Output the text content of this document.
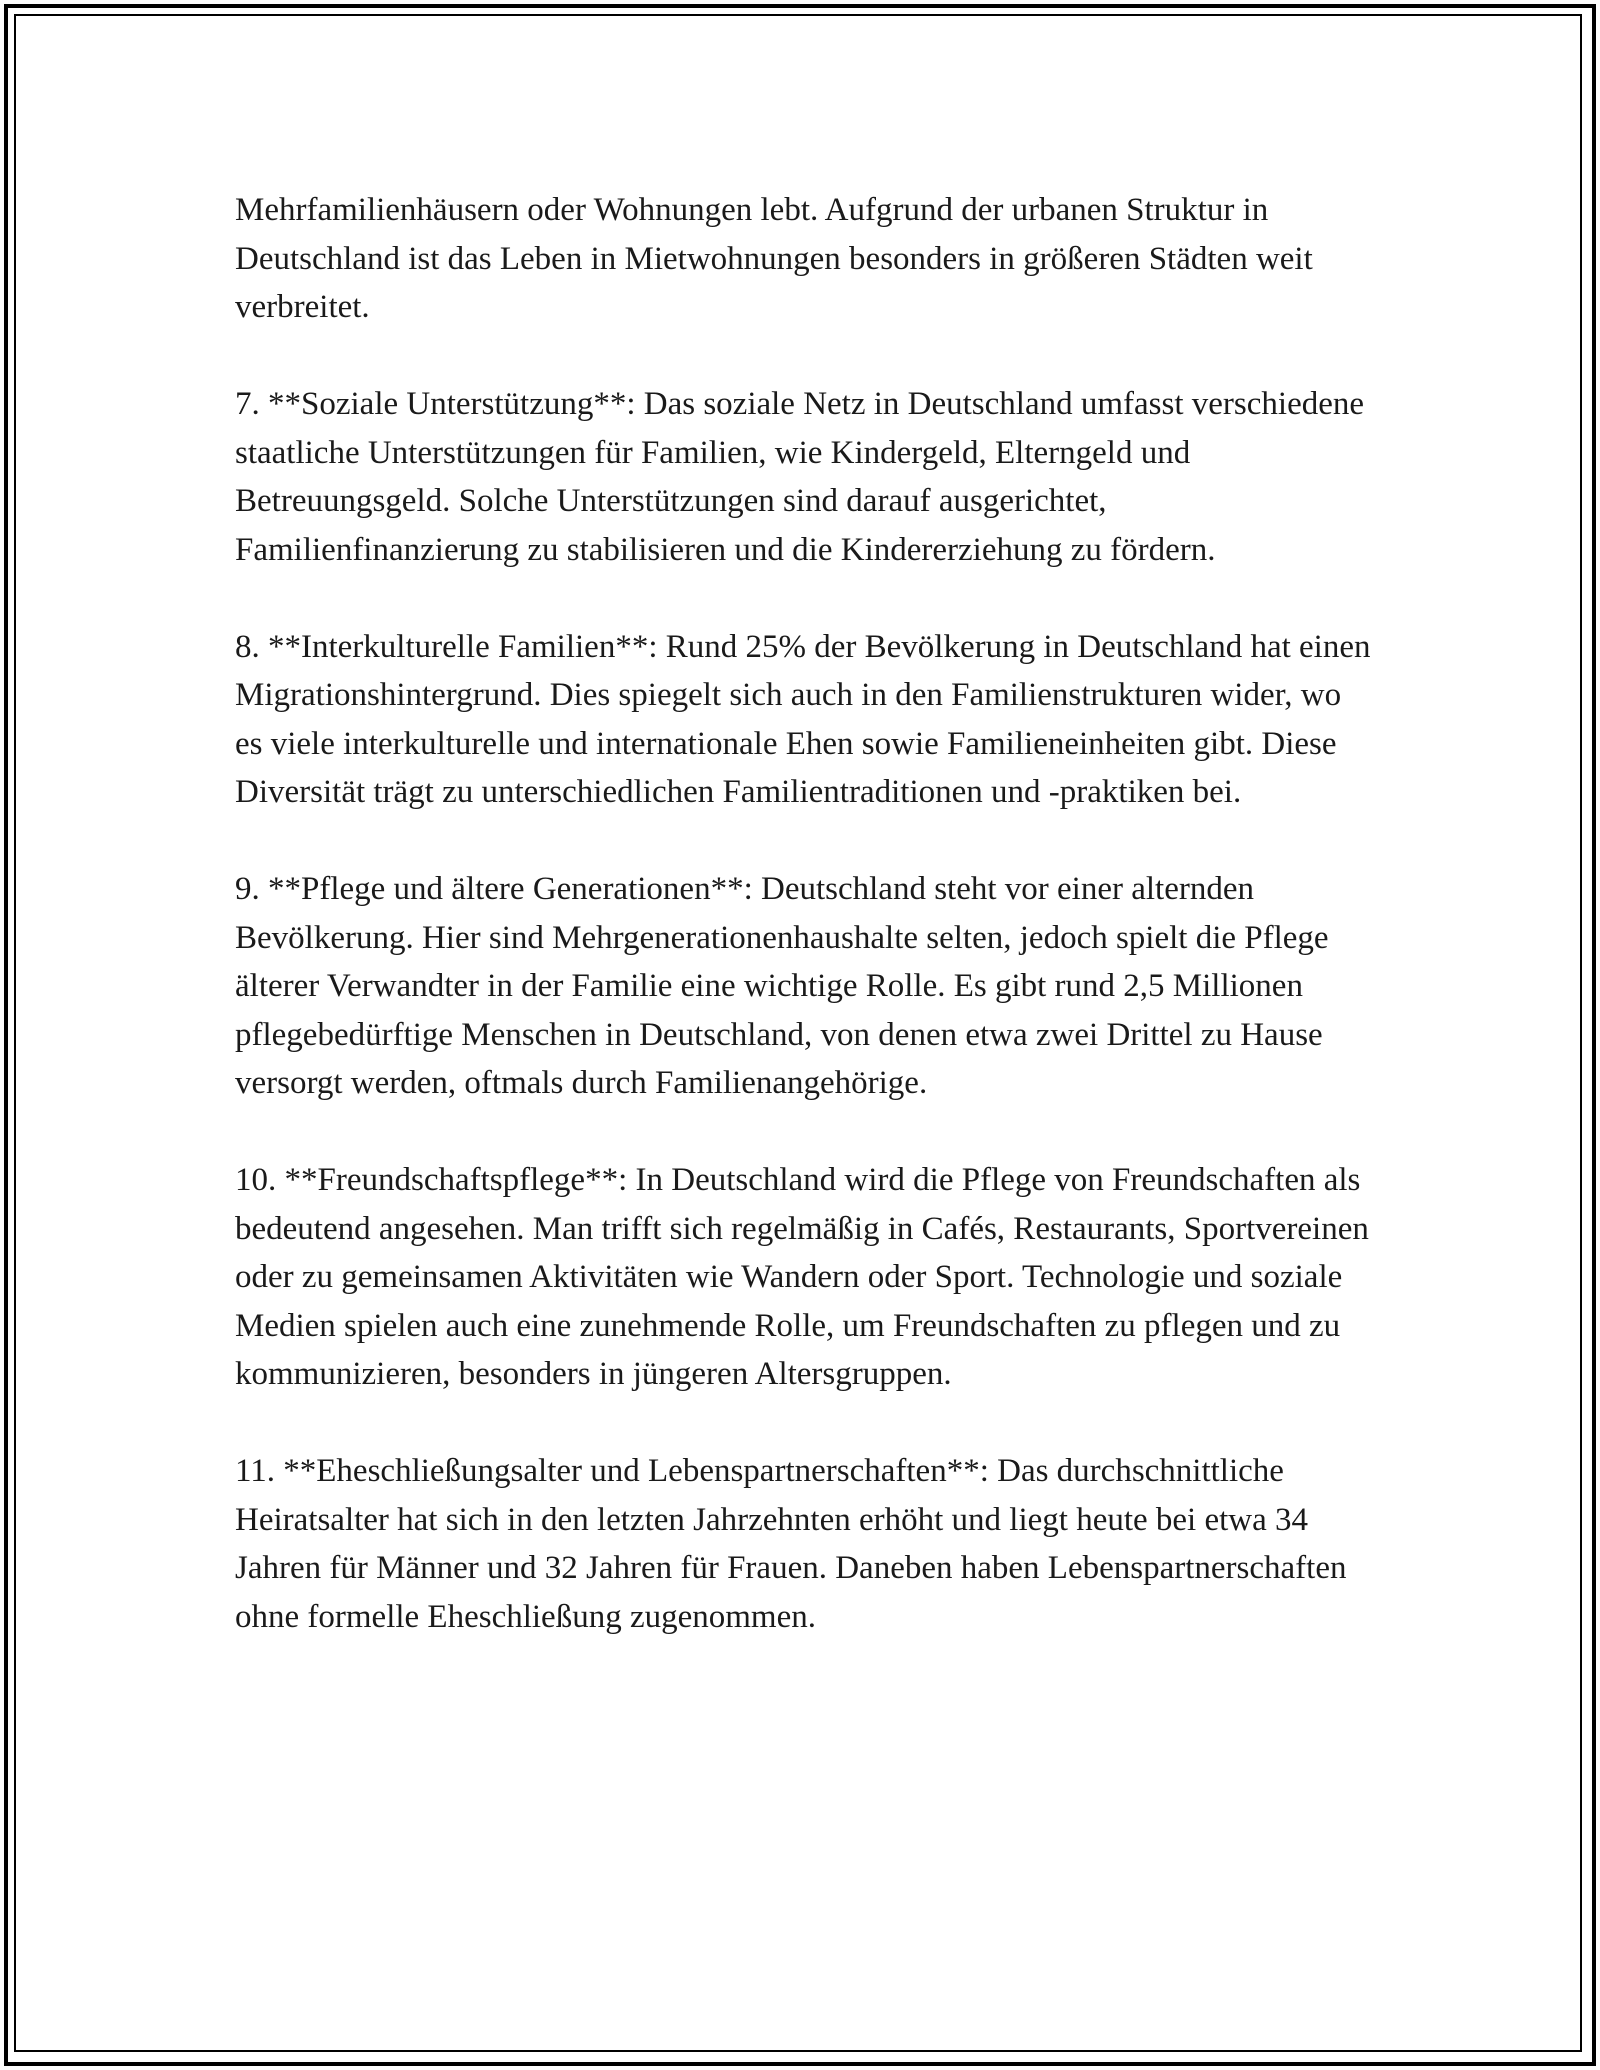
Mehrfamilienhäusern oder Wohnungen lebt. Aufgrund der urbanen Struktur in Deutschland ist das Leben in Mietwohnungen besonders in größeren Städten weit verbreitet.

7. **Soziale Unterstützung**: Das soziale Netz in Deutschland umfasst verschiedene staatliche Unterstützungen für Familien, wie Kindergeld, Elterngeld und Betreuungsgeld. Solche Unterstützungen sind darauf ausgerichtet, Familienfinanzierung zu stabilisieren und die Kindererziehung zu fördern.

8. **Interkulturelle Familien**: Rund 25% der Bevölkerung in Deutschland hat einen Migrationshintergrund. Dies spiegelt sich auch in den Familienstrukturen wider, wo es viele interkulturelle und internationale Ehen sowie Familieneinheiten gibt. Diese Diversität trägt zu unterschiedlichen Familientraditionen und -praktiken bei.

9. **Pflege und ältere Generationen**: Deutschland steht vor einer alternden Bevölkerung. Hier sind Mehrgenerationenhaushalte selten, jedoch spielt die Pflege älterer Verwandter in der Familie eine wichtige Rolle. Es gibt rund 2,5 Millionen pflegebedürftige Menschen in Deutschland, von denen etwa zwei Drittel zu Hause versorgt werden, oftmals durch Familienangehörige.

10. **Freundschaftspflege**: In Deutschland wird die Pflege von Freundschaften als bedeutend angesehen. Man trifft sich regelmäßig in Cafés, Restaurants, Sportvereinen oder zu gemeinsamen Aktivitäten wie Wandern oder Sport. Technologie und soziale Medien spielen auch eine zunehmende Rolle, um Freundschaften zu pflegen und zu kommunizieren, besonders in jüngeren Altersgruppen.

11. **Eheschließungsalter und Lebenspartnerschaften**: Das durchschnittliche Heiratsalter hat sich in den letzten Jahrzehnten erhöht und liegt heute bei etwa 34 Jahren für Männer und 32 Jahren für Frauen. Daneben haben Lebenspartnerschaften ohne formelle Eheschließung zugenommen.
